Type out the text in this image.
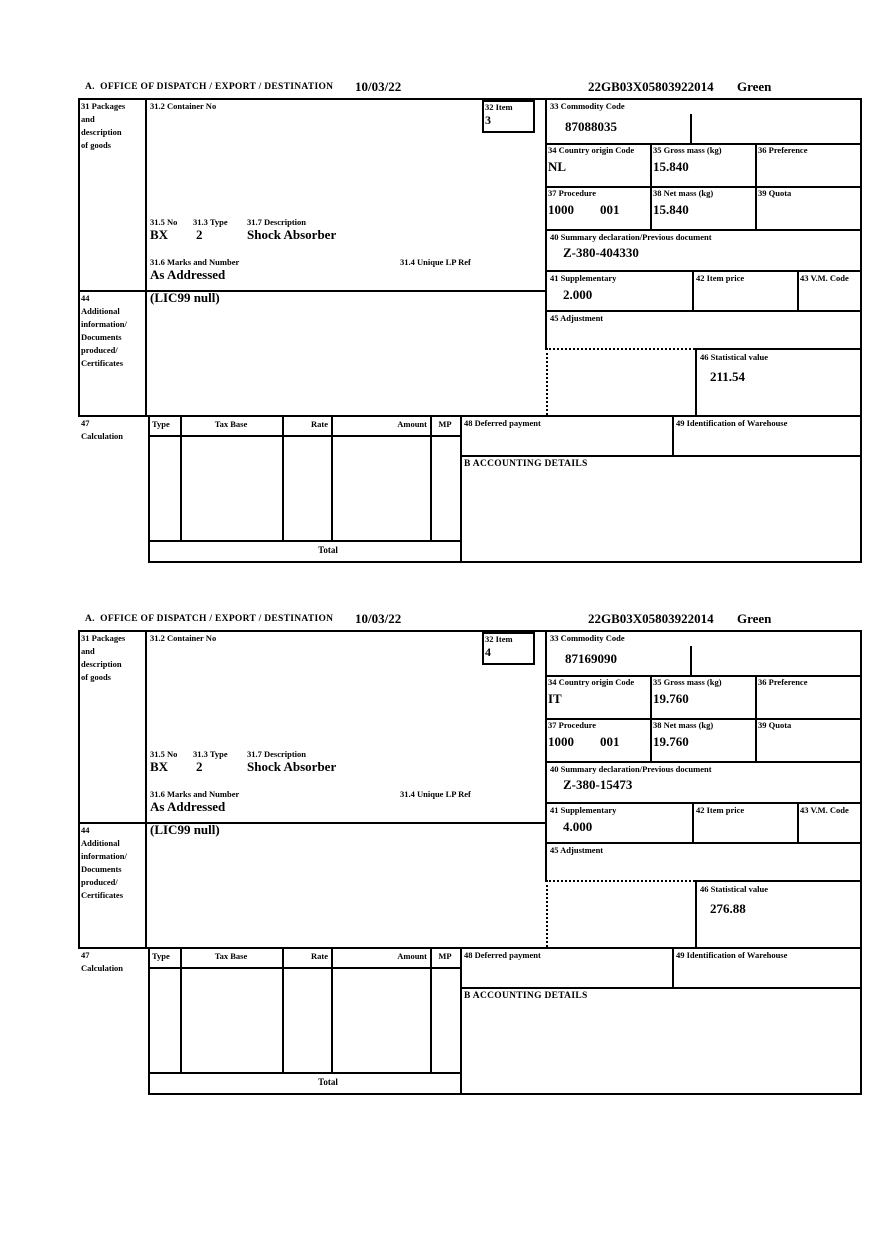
A.  OFFICE OF DISPATCH / EXPORT / DESTINATION 10/03/22	22GB03X05803922014 Green
31 Packages
and
description
of goods
31.2 Container No	32 Item
3
31.5 No 31.3 Type 31.7 Description
BX 2	Shock Absorber
31.6 Marks and Number	31.4 Unique LP Ref
As Addressed
33 Commodity Code
87088035
34 Country origin Code
NL
35 Gross mass (kg)
15.840
36 Preference
37 Procedure
1000 001
38 Net mass (kg)
15.840
39 Quota
40 Summary declaration/Previous document
Z-380-404330
41 Supplementary
2.000
42 Item price	43 V.M. Code
45 Adjustment
46 Statistical value
211.54
44
Additional
information/
Documents
produced/
Certificates
(LIC99 null)
47
Calculation
Type	Tax Base	Rate	Amount	MP	48 Deferred payment	49 Identification of Warehouse
B ACCOUNTING DETAILS
Total
A.  OFFICE OF DISPATCH / EXPORT / DESTINATION 10/03/22	22GB03X05803922014 Green
31 Packages
and
description
of goods
31.2 Container No	32 Item
4
31.5 No 31.3 Type 31.7 Description
BX 2	Shock Absorber
31.6 Marks and Number	31.4 Unique LP Ref
As Addressed
33 Commodity Code
87169090
34 Country origin Code
IT
35 Gross mass (kg)
19.760
36 Preference
37 Procedure
1000 001
38 Net mass (kg)
19.760
39 Quota
40 Summary declaration/Previous document
Z-380-15473
41 Supplementary
4.000
42 Item price	43 V.M. Code
45 Adjustment
46 Statistical value
276.88
44
Additional
information/
Documents
produced/
Certificates
(LIC99 null)
47
Calculation
Type	Tax Base	Rate	Amount	MP	48 Deferred payment	49 Identification of Warehouse
B ACCOUNTING DETAILS
Total
